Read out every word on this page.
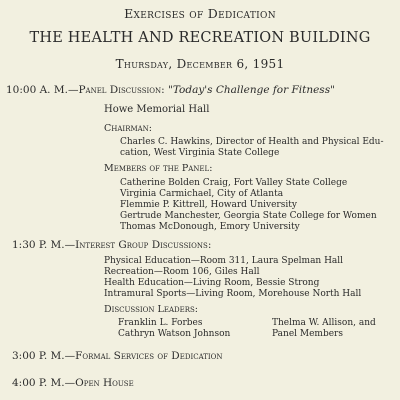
Exercises of Dedication
THE HEALTH AND RECREATION BUILDING
Thursday, December 6, 1951
10:00 A. M.—Panel Discussion: "Today's Challenge for Fitness"
Howe Memorial Hall
Chairman:
Charles C. Hawkins, Director of Health and Physical Edu-
cation, West Virginia State College
Members of the Panel:
Catherine Bolden Craig, Fort Valley State College
Virginia Carmichael, City of Atlanta
Flemmie P. Kittrell, Howard University
Gertrude Manchester, Georgia State College for Women
Thomas McDonough, Emory University
1:30 P. M.—Interest Group Discussions:
Physical Education—Room 311, Laura Spelman Hall
Recreation—Room 106, Giles Hall
Health Education—Living Room, Bessie Strong
Intramural Sports—Living Room, Morehouse North Hall
Discussion Leaders:
Franklin L. Forbes
Cathryn Watson Johnson
Thelma W. Allison, and
Panel Members
3:00 P. M.—Formal Services of Dedication
4:00 P. M.—Open House
